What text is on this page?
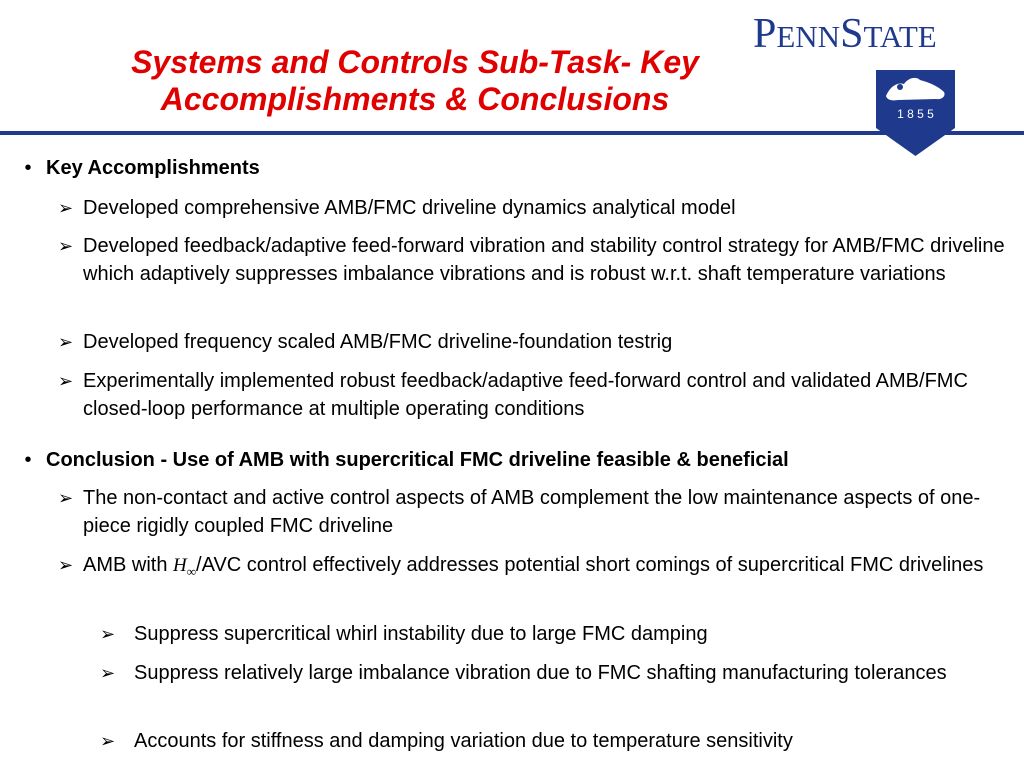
Systems and Controls Sub-Task- Key
Accomplishments & Conclusions
PENNSTATE
1 8 5 5
• Key Accomplishments
➢ Developed comprehensive AMB/FMC driveline dynamics analytical model
➢ Developed feedback/adaptive feed-forward vibration and stability control strategy for AMB/FMC driveline which adaptively suppresses imbalance vibrations and is robust w.r.t. shaft temperature variations
➢ Developed frequency scaled AMB/FMC driveline-foundation testrig
➢ Experimentally implemented robust feedback/adaptive feed-forward control and validated AMB/FMC closed-loop performance at multiple operating conditions
• Conclusion - Use of AMB with supercritical FMC driveline feasible & beneficial
➢ The non-contact and active control aspects of AMB complement the low maintenance aspects of one-piece rigidly coupled FMC driveline
➢ AMB with $H_\infty$/AVC control effectively addresses potential short comings of supercritical FMC drivelines
➢ Suppress supercritical whirl instability due to large FMC damping
➢ Suppress relatively large imbalance vibration due to FMC shafting manufacturing tolerances
➢ Accounts for stiffness and damping variation due to temperature sensitivity
